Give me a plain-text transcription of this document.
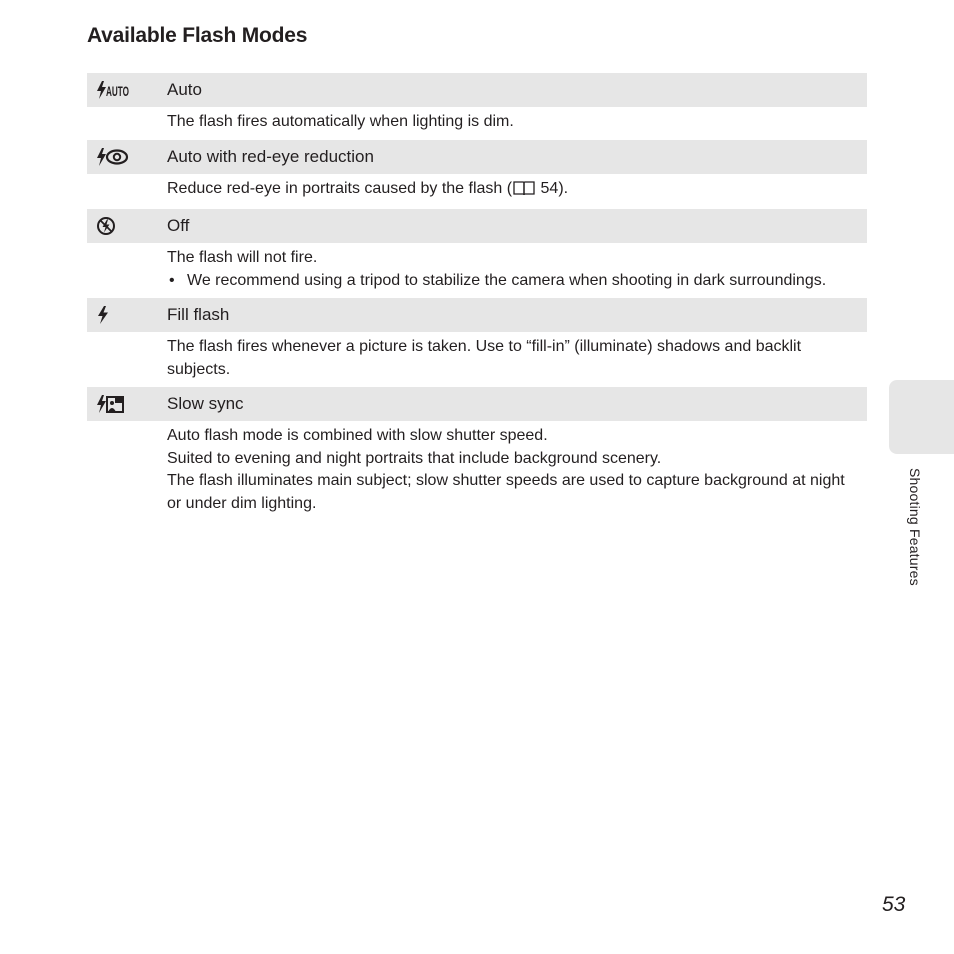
Available Flash Modes
AUTO Auto

The flash fires automatically when lighting is dim.

Auto with red-eye reduction

Reduce red-eye in portraits caused by the flash ( 54).

Off

The flash will not fire.

• We recommend using a tripod to stabilize the camera when shooting in dark surroundings.
Fill flash

The flash fires whenever a picture is taken. Use to “fill-in” (illuminate) shadows and backlit subjects.

Slow sync

Auto flash mode is combined with slow shutter speed.

Suited to evening and night portraits that include background scenery.

The flash illuminates main subject; slow shutter speeds are used to capture background at night or under dim lighting.	Shooting Features
53
